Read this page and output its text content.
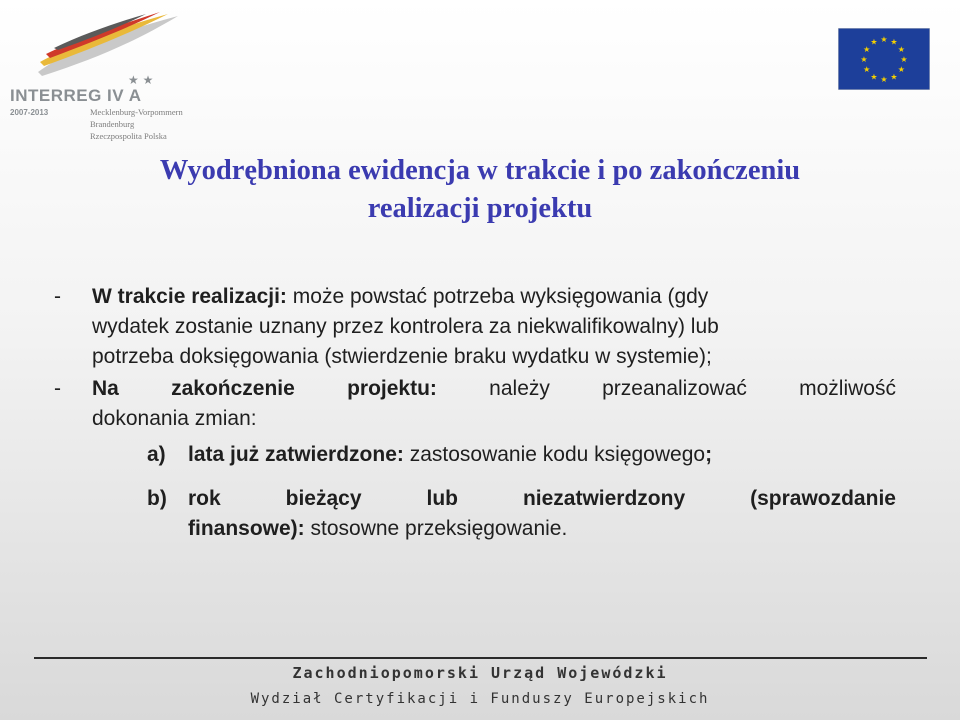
★ ★
INTERREG IV A
2007-2013	Mecklenburg-Vorpommern
Brandenburg
Rzeczpospolita Polska
★ ★
★
★
★
★
★
★
★
★
★
★
Wyodrębniona ewidencja w trakcie i po zakończeniu
realizacji projektu
- W trakcie realizacji: może powstać potrzeba wyksięgowania (gdy
wydatek zostanie uznany przez kontrolera za niekwalifikowalny) lub
potrzeba doksięgowania (stwierdzenie braku wydatku w systemie);
- Na zakończenie projektu: należy przeanalizować możliwość
dokonania zmian:
a) lata już zatwierdzone: zastosowanie kodu księgowego;
b) rok	bieżący	lub	niezatwierdzony	(sprawozdanie
finansowe): stosowne przeksięgowanie.
Zachodniopomorski Urząd Wojewódzki
Wydział Certyfikacji i Funduszy Europejskich
